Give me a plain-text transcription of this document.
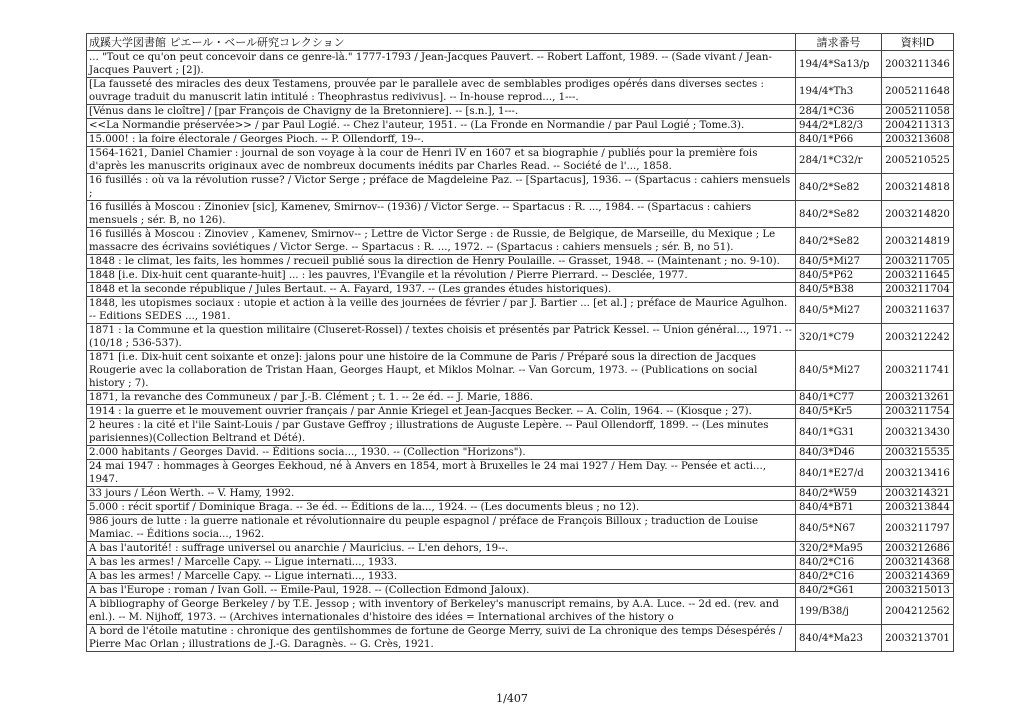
成蹊大学図書館 ピエール・ベール研究コレクション	請求番号	資料ID
... "Tout ce qu'on peut concevoir dans ce genre-là." 1777-1793 / Jean-Jacques Pauvert. -- Robert Laffont, 1989. -- (Sade vivant / Jean-Jacques Pauvert ; [2]).	194/4*Sa13/p	2003211346
[La fausseté des miracles des deux Testamens, prouvée par le parallele avec de semblables prodiges opérés dans diverses sectes : ouvrage traduit du manuscrit latin intitulé : Theophrastus redivivus]. -- In-house reprod..., 1---.	194/4*Th3	2005211648
[Vénus dans le cloître] / [par François de Chavigny de la Bretonniere]. -- [s.n.], 1---.	284/1*C36	2005211058
<<La Normandie préservée>> / par Paul Logié. -- Chez l'auteur, 1951. -- (La Fronde en Normandie / par Paul Logié ; Tome.3).	944/2*L82/3	2004211313
15.000! : la foire électorale / Georges Pioch. -- P. Ollendorff, 19--.	840/1*P66	2003213608
1564-1621, Daniel Chamier : journal de son voyage à la cour de Henri IV en 1607 et sa biographie / publiés pour la première fois d'après les manuscrits originaux avec de nombreux documents inédits par Charles Read. -- Société de l'..., 1858.	284/1*C32/r	2005210525
16 fusillés : où va la révolution russe? / Victor Serge ; préface de Magdeleine Paz. -- [Spartacus], 1936. -- (Spartacus : cahiers mensuels ;	840/2*Se82	2003214818
16 fusillés à Moscou : Zinoniev [sic], Kamenev, Smirnov-- (1936) / Victor Serge. -- Spartacus : R. ..., 1984. -- (Spartacus : cahiers mensuels ; sér. B, no 126).	840/2*Se82	2003214820
16 fusillés à Moscou : Zinoviev , Kamenev, Smirnov-- ; Lettre de Victor Serge : de Russie, de Belgique, de Marseille, du Mexique ; Le massacre des écrivains soviétiques / Victor Serge. -- Spartacus : R. ..., 1972. -- (Spartacus : cahiers mensuels ; sér. B, no 51).	840/2*Se82	2003214819
1848 : le climat, les faits, les hommes / recueil publié sous la direction de Henry Poulaille. -- Grasset, 1948. -- (Maintenant ; no. 9-10).	840/5*Mi27	2003211705
1848 [i.e. Dix-huit cent quarante-huit] ... : les pauvres, l'Évangile et la révolution / Pierre Pierrard. -- Desclée, 1977.	840/5*P62	2003211645
1848 et la seconde république / Jules Bertaut. -- A. Fayard, 1937. -- (Les grandes études historiques).	840/5*B38	2003211704
1848, les utopismes sociaux : utopie et action à la veille des journées de février / par J. Bartier ... [et al.] ; préface de Maurice Agulhon. -- Editions SEDES ..., 1981.	840/5*Mi27	2003211637
1871 : la Commune et la question militaire (Cluseret-Rossel) / textes choisis et présentés par Patrick Kessel. -- Union général..., 1971. -- (10/18 ; 536-537).	320/1*C79	2003212242
1871 [i.e. Dix-huit cent soixante et onze]: jalons pour une histoire de la Commune de Paris / Préparé sous la direction de Jacques Rougerie avec la collaboration de Tristan Haan, Georges Haupt, et Miklos Molnar. -- Van Gorcum, 1973. -- (Publications on social history ; 7).	840/5*Mi27	2003211741
1871, la revanche des Communeux / par J.-B. Clément ; t. 1. -- 2e éd. -- J. Marie, 1886.	840/1*C77	2003213261
1914 : la guerre et le mouvement ouvrier français / par Annie Kriegel et Jean-Jacques Becker. -- A. Colin, 1964. -- (Kiosque ; 27).	840/5*Kr5	2003211754
2 heures : la cité et l'ile Saint-Louis / par Gustave Geffroy ; illustrations de Auguste Lepère. -- Paul Ollendorff, 1899. -- (Les minutes parisiennes)(Collection Beltrand et Dété).	840/1*G31	2003213430
2.000 habitants / Georges David. -- Éditions socia..., 1930. -- (Collection "Horizons").	840/3*D46	2003215535
24 mai 1947 : hommages à Georges Eekhoud, né à Anvers en 1854, mort à Bruxelles le 24 mai 1927 / Hem Day. -- Pensée et acti..., 1947.	840/1*E27/d	2003213416
33 jours / Léon Werth. -- V. Hamy, 1992.	840/2*W59	2003214321
5.000 : récit sportif / Dominique Braga. -- 3e éd. -- Éditions de la..., 1924. -- (Les documents bleus ; no 12).	840/4*B71	2003213844
986 jours de lutte : la guerre nationale et révolutionnaire du peuple espagnol / préface de François Billoux ; traduction de Louise Mamiac. -- Éditions socia..., 1962.	840/5*N67	2003211797
A bas l'autorité! : suffrage universel ou anarchie / Mauricius. -- L'en dehors, 19--.	320/2*Ma95	2003212686
A bas les armes! / Marcelle Capy. -- Ligue internati..., 1933.	840/2*C16	2003214368
A bas les armes! / Marcelle Capy. -- Ligue internati..., 1933.	840/2*C16	2003214369
A bas l'Europe : roman / Ivan Goll. -- Emile-Paul, 1928. -- (Collection Edmond Jaloux).	840/2*G61	2003215013
A bibliography of George Berkeley / by T.E. Jessop ; with inventory of Berkeley's manuscript remains, by A.A. Luce. -- 2d ed. (rev. and enl.). -- M. Nijhoff, 1973. -- (Archives internationales d'histoire des idées = International archives of the history o	199/B38/j	2004212562
A bord de l'étoile matutine : chronique des gentilshommes de fortune de George Merry, suivi de La chronique des temps Désespérés / Pierre Mac Orlan ; illustrations de J.-G. Daragnès. -- G. Crès, 1921.	840/4*Ma23	2003213701
1/407
